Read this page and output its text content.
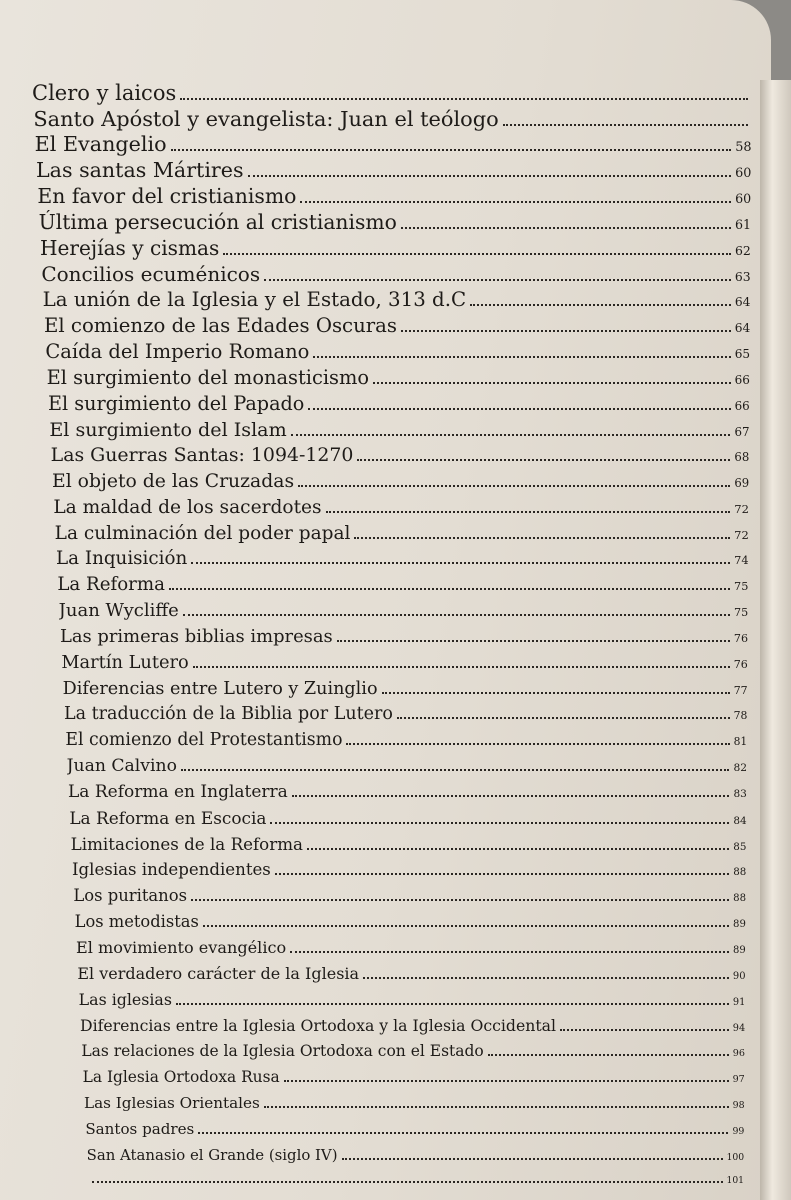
Clero y laicos
Santo Apóstol y evangelista: Juan el teólogo
El Evangelio	58
Las santas Mártires	60
En favor del cristianismo	60
Última persecución al cristianismo	61
Herejías y cismas	62
Concilios ecuménicos	63
La unión de la Iglesia y el Estado, 313 d.C	64
El comienzo de las Edades Oscuras	64
Caída del Imperio Romano	65
El surgimiento del monasticismo	66
El surgimiento del Papado	66
El surgimiento del Islam	67
Las Guerras Santas: 1094-1270	68
El objeto de las Cruzadas	69
La maldad de los sacerdotes	72
La culminación del poder papal	72
La Inquisición	74
La Reforma	75
Juan Wycliffe	75
Las primeras biblias impresas	76
Martín Lutero	76
Diferencias entre Lutero y Zuinglio	77
La traducción de la Biblia por Lutero	78
El comienzo del Protestantismo	81
Juan Calvino	82
La Reforma en Inglaterra	83
La Reforma en Escocia	84
Limitaciones de la Reforma	85
Iglesias independientes	88
Los puritanos	88
Los metodistas	89
El movimiento evangélico	89
El verdadero carácter de la Iglesia	90
Las iglesias	91
Diferencias entre la Iglesia Ortodoxa y la Iglesia Occidental	94
Las relaciones de la Iglesia Ortodoxa con el Estado	96
La Iglesia Ortodoxa Rusa	97
Las Iglesias Orientales	98
Santos padres	99
San Atanasio el Grande (siglo IV)	100
101
